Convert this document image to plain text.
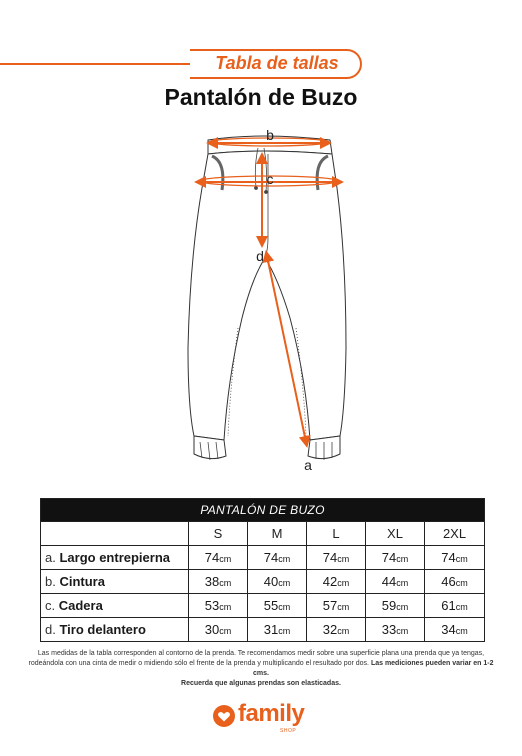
Tabla de tallas
Pantalón de Buzo
b
c
d
a
PANTALÓN DE BUZO					
	S	M	L	XL	2XL
a. Largo entrepierna	74cm	74cm	74cm	74cm	74cm
b. Cintura	38cm	40cm	42cm	44cm	46cm
c. Cadera	53cm	55cm	57cm	59cm	61cm
d. Tiro delantero	30cm	31cm	32cm	33cm	34cm
Las medidas de la tabla corresponden al contorno de la prenda. Te recomendamos medir sobre una superficie plana una prenda que ya tengas,
rodeándola con una cinta de medir o midiendo sólo el frente de la prenda y multiplicando el resultado por dos. Las mediciones pueden variar en 1-2 cms.
Recuerda que algunas prendas son elasticadas.
family
SHOP
